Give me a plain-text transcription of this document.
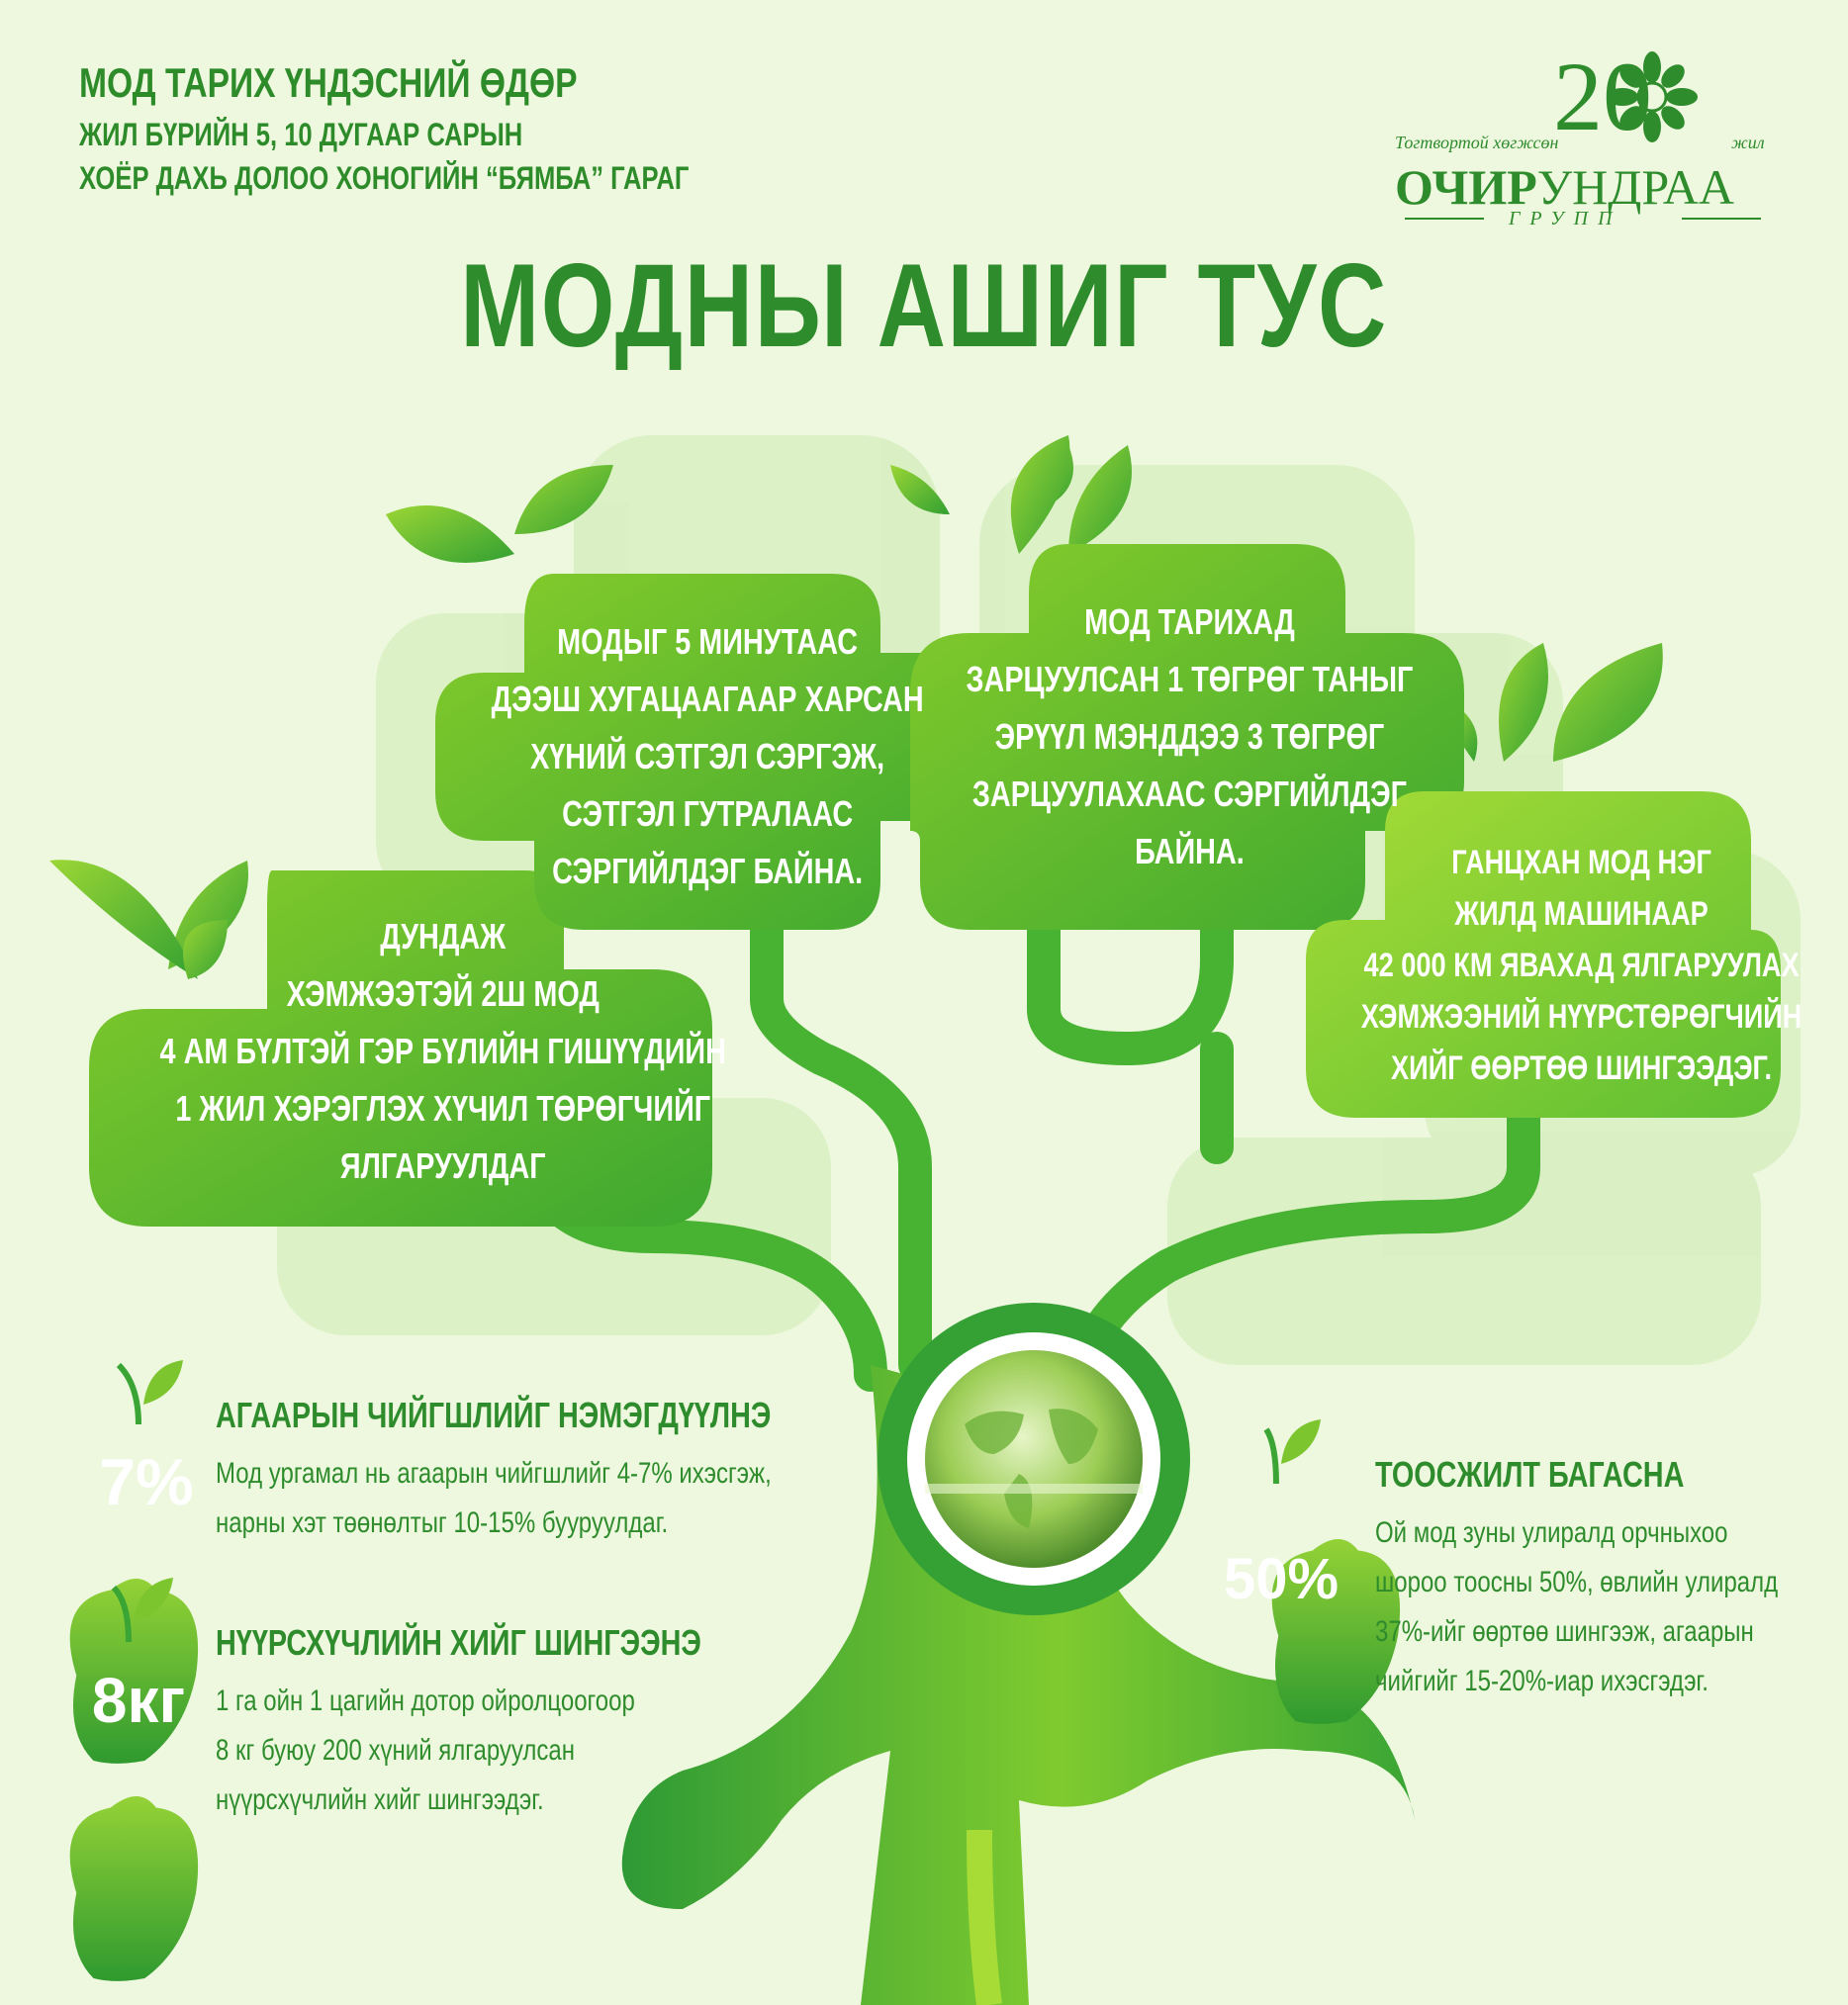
МОД ТАРИХ ҮНДЭСНИЙ ӨДӨР
ЖИЛ БҮРИЙН 5, 10 ДУГААР САРЫН
ХОЁР ДАХЬ ДОЛОО ХОНОГИЙН “БЯМБА” ГАРАГ
20
Тогтвортой хөгжсөн	жил
ОЧИРУНДРАА
ГРУПП
МОДНЫ АШИГ ТУС
ДУНДАЖ
ХЭМЖЭЭТЭЙ 2Ш МОД
4 АМ БҮЛТЭЙ ГЭР БҮЛИЙН ГИШҮҮДИЙН
1 ЖИЛ ХЭРЭГЛЭХ ХҮЧИЛ ТӨРӨГЧИЙГ
ЯЛГАРУУЛДАГ
МОДЫГ 5 МИНУТААС
ДЭЭШ ХУГАЦААГААР ХАРСАН
ХҮНИЙ СЭТГЭЛ СЭРГЭЖ,
СЭТГЭЛ ГУТРАЛААС
СЭРГИЙЛДЭГ БАЙНА.
МОД ТАРИХАД
ЗАРЦУУЛСАН 1 ТӨГРӨГ ТАНЫГ
ЭРҮҮЛ МЭНДДЭЭ 3 ТӨГРӨГ
ЗАРЦУУЛАХААС СЭРГИЙЛДЭГ
БАЙНА.	ГАНЦХАН МОД НЭГ
ЖИЛД МАШИНААР
42 000 КМ ЯВАХАД ЯЛГАРУУЛАХ
ХЭМЖЭЭНИЙ НҮҮРСТӨРӨГЧИЙН
ХИЙГ ӨӨРТӨӨ ШИНГЭЭДЭГ.
7%
АГААРЫН ЧИЙГШЛИЙГ НЭМЭГДҮҮЛНЭ
Мод ургамал нь агаарын чийгшлийг 4-7% ихэсгэж,
нарны хэт төөнөлтыг 10-15% бууруулдаг.
8кг
НҮҮРСХҮЧЛИЙН ХИЙГ ШИНГЭЭНЭ
1 га ойн 1 цагийн дотор ойролцоогоор
8 кг буюу 200 хүний ялгаруулсан
нүүрсхүчлийн хийг шингээдэг.
50%
ТООСЖИЛТ БАГАСНА
Ой мод зуны улиралд орчныхоо
шороо тоосны 50%, өвлийн улиралд
37%-ийг өөртөө шингээж, агаарын
чийгийг 15-20%-иар ихэсгэдэг.
